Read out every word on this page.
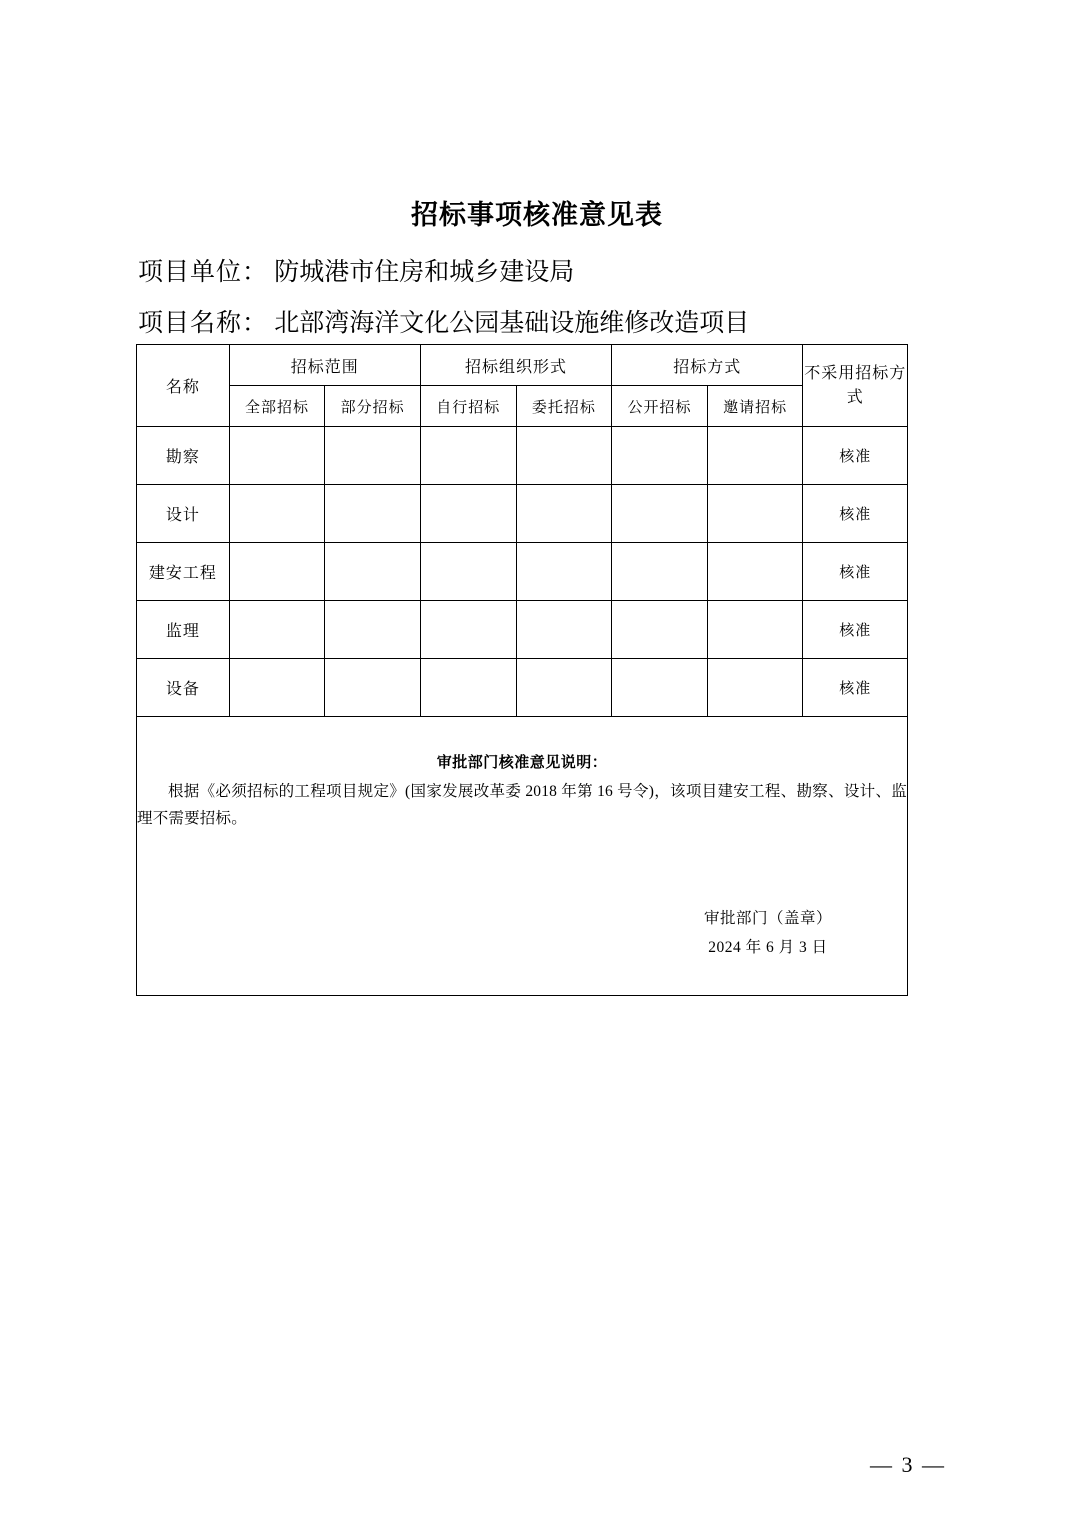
招标事项核准意见表
项目单位： 防城港市住房和城乡建设局
项目名称： 北部湾海洋文化公园基础设施维修改造项目
名称	招标范围		招标组织形式		招标方式		不采用招标方式
	全部招标	部分招标	自行招标	委托招标	公开招标	邀请招标	
勘察							核准
设计							核准
建安工程							核准
监理							核准
设备							核准

审批部门核准意见说明：
根据《必须招标的工程项目规定》(国家发展改革委 2018 年第 16 号令)，该项目建安工程、勘察、设计、监理不需要招标。
审批部门（盖章）
2024 年 6 月 3 日							
— 3 —
